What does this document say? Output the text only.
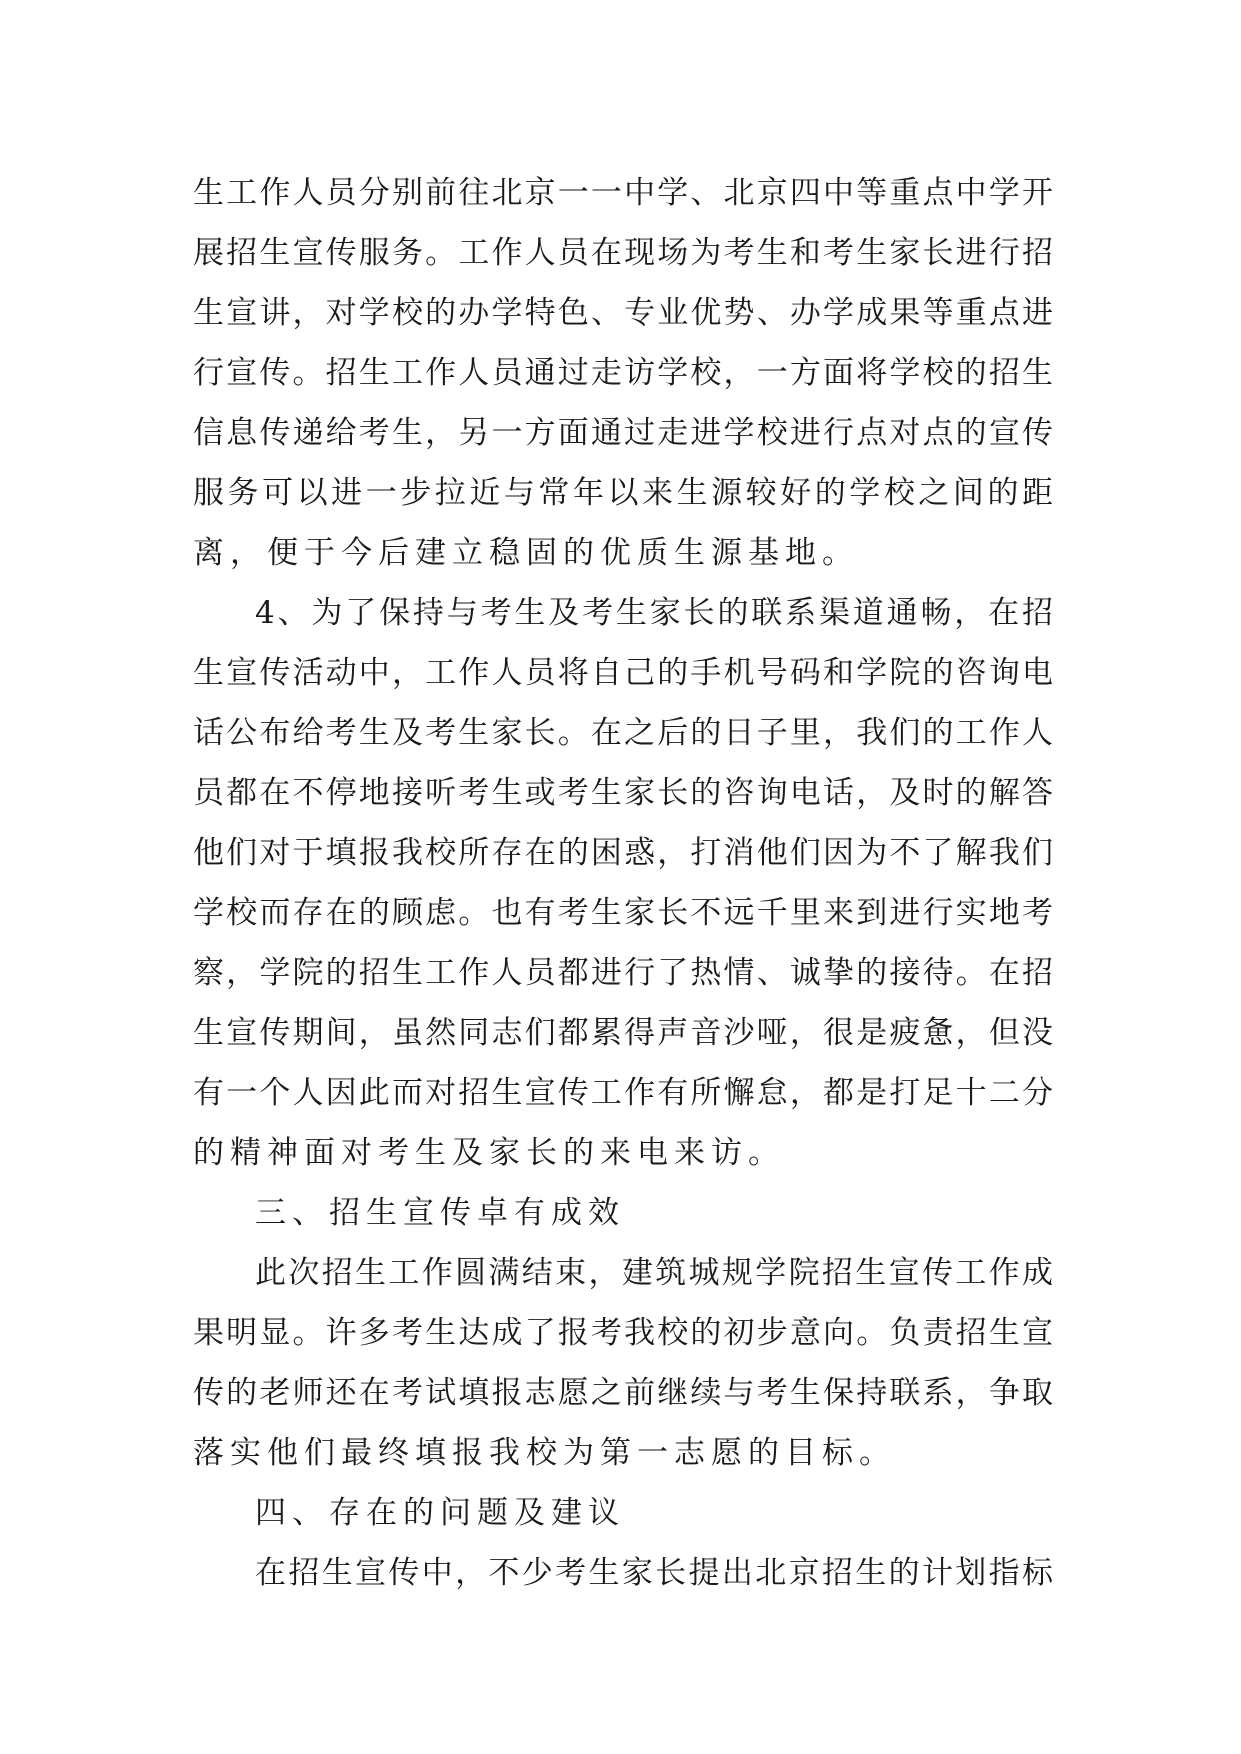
生工作人员分别前往北京一一中学、北京四中等重点中学开
展招生宣传服务。工作人员在现场为考生和考生家长进行招
生宣讲，对学校的办学特色、专业优势、办学成果等重点进
行宣传。招生工作人员通过走访学校，一方面将学校的招生
信息传递给考生，另一方面通过走进学校进行点对点的宣传
服务可以进一步拉近与常年以来生源较好的学校之间的距
离，便于今后建立稳固的优质生源基地。
4、为了保持与考生及考生家长的联系渠道通畅，在招
生宣传活动中，工作人员将自己的手机号码和学院的咨询电
话公布给考生及考生家长。在之后的日子里，我们的工作人
员都在不停地接听考生或考生家长的咨询电话，及时的解答
他们对于填报我校所存在的困惑，打消他们因为不了解我们
学校而存在的顾虑。也有考生家长不远千里来到进行实地考
察，学院的招生工作人员都进行了热情、诚挚的接待。在招
生宣传期间，虽然同志们都累得声音沙哑，很是疲惫，但没
有一个人因此而对招生宣传工作有所懈怠，都是打足十二分
的精神面对考生及家长的来电来访。
三、招生宣传卓有成效
此次招生工作圆满结束，建筑城规学院招生宣传工作成
果明显。许多考生达成了报考我校的初步意向。负责招生宣
传的老师还在考试填报志愿之前继续与考生保持联系，争取
落实他们最终填报我校为第一志愿的目标。
四、存在的问题及建议
在招生宣传中，不少考生家长提出北京招生的计划指标
